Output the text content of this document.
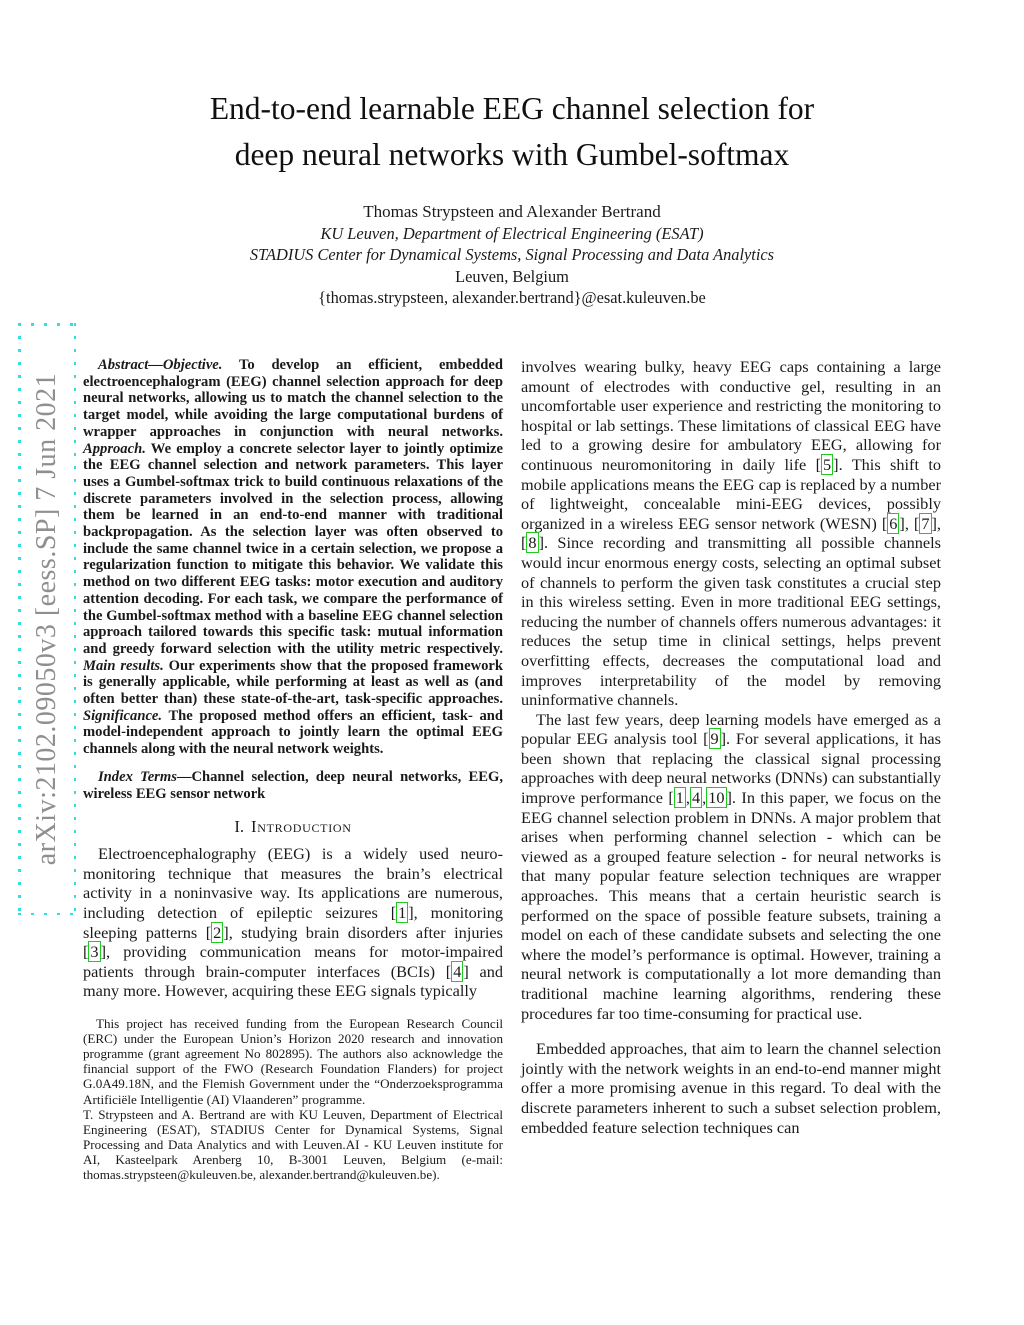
arXiv:2102.09050v3 [eess.SP] 7 Jun 2021
End-to-end learnable EEG channel selection for
deep neural networks with Gumbel-softmax
Thomas Strypsteen and Alexander Bertrand
KU Leuven, Department of Electrical Engineering (ESAT)
STADIUS Center for Dynamical Systems, Signal Processing and Data Analytics
Leuven, Belgium
{thomas.strypsteen, alexander.bertrand}@esat.kuleuven.be

Abstract—Objective. To develop an efficient, embedded electroencephalogram (EEG) channel selection approach for deep neural networks, allowing us to match the channel selection to the target model, while avoiding the large computational burdens of wrapper approaches in conjunction with neural networks. Approach. We employ a concrete selector layer to jointly optimize the EEG channel selection and network parameters. This layer uses a Gumbel-softmax trick to build continuous relaxations of the discrete parameters involved in the selection process, allowing them be learned in an end-to-end manner with traditional backpropagation. As the selection layer was often observed to include the same channel twice in a certain selection, we propose a regularization function to mitigate this behavior. We validate this method on two different EEG tasks: motor execution and auditory attention decoding. For each task, we compare the performance of the Gumbel-softmax method with a baseline EEG channel selection approach tailored towards this specific task: mutual information and greedy forward selection with the utility metric respectively. Main results. Our experiments show that the proposed framework is generally applicable, while performing at least as well as (and often better than) these state-of-the-art, task-specific approaches. Significance. The proposed method offers an efficient, task- and model-independent approach to jointly learn the optimal EEG channels along with the neural network weights.

Index Terms—Channel selection, deep neural networks, EEG, wireless EEG sensor network

I. Introduction

Electroencephalography (EEG) is a widely used neuro-monitoring technique that measures the brain’s electrical activity in a noninvasive way. Its applications are numerous, including detection of epileptic seizures [ 1 ], monitoring sleeping patterns [ 2 ], studying brain disorders after injuries [ 3 ], providing communication means for motor-impaired patients through brain-computer interfaces (BCIs) [ 4 ] and many more. However, acquiring these EEG signals typically

This project has received funding from the European Research Council (ERC) under the European Union’s Horizon 2020 research and innovation programme (grant agreement No 802895). The authors also acknowledge the financial support of the FWO (Research Foundation Flanders) for project G.0A49.18N, and the Flemish Government under the “Onderzoeksprogramma Artificiële Intelligentie (AI) Vlaanderen” programme.

T. Strypsteen and A. Bertrand are with KU Leuven, Department of Electrical Engineering (ESAT), STADIUS Center for Dynamical Systems, Signal Processing and Data Analytics and with Leuven.AI - KU Leuven institute for AI, Kasteelpark Arenberg 10, B-3001 Leuven, Belgium (e-mail: thomas.strypsteen@kuleuven.be, alexander.bertrand@kuleuven.be).

involves wearing bulky, heavy EEG caps containing a large amount of electrodes with conductive gel, resulting in an uncomfortable user experience and restricting the monitoring to hospital or lab settings. These limitations of classical EEG have led to a growing desire for ambulatory EEG, allowing for continuous neuromonitoring in daily life [ 5 ]. This shift to mobile applications means the EEG cap is replaced by a number of lightweight, concealable mini-EEG devices, possibly organized in a wireless EEG sensor network (WESN) [ 6 ], [ 7 ], [ 8 ]. Since recording and transmitting all possible channels would incur enormous energy costs, selecting an optimal subset of channels to perform the given task constitutes a crucial step in this wireless setting. Even in more traditional EEG settings, reducing the number of channels offers numerous advantages: it reduces the setup time in clinical settings, helps prevent overfitting effects, decreases the computational load and improves interpretability of the model by removing uninformative channels.

The last few years, deep learning models have emerged as a popular EEG analysis tool [ 9 ]. For several applications, it has been shown that replacing the classical signal processing approaches with deep neural networks (DNNs) can substantially improve performance [ 1 , 4 , 10 ]. In this paper, we focus on the EEG channel selection problem in DNNs. A major problem that arises when performing channel selection - which can be viewed as a grouped feature selection - for neural networks is that many popular feature selection techniques are wrapper approaches. This means that a certain heuristic search is performed on the space of possible feature subsets, training a model on each of these candidate subsets and selecting the one where the model’s performance is optimal. However, training a neural network is computationally a lot more demanding than traditional machine learning algorithms, rendering these procedures far too time-consuming for practical use.

Embedded approaches, that aim to learn the channel selection jointly with the network weights in an end-to-end manner might offer a more promising avenue in this regard. To deal with the discrete parameters inherent to such a subset selection problem, embedded feature selection techniques can
